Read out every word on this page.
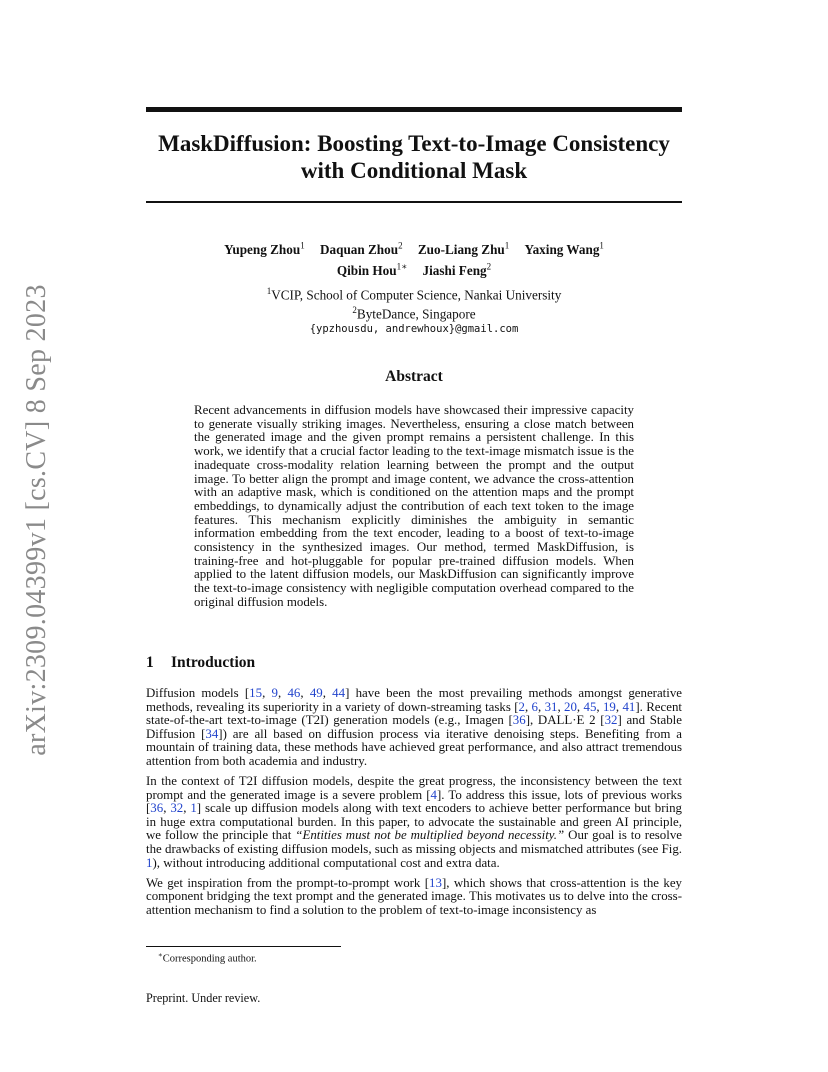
arXiv:2309.04399v1 [cs.CV] 8 Sep 2023
MaskDiffusion: Boosting Text-to-Image Consistency
with Conditional Mask
Yupeng Zhou$^1$ Daquan Zhou$^2$ Zuo-Liang Zhu$^1$ Yaxing Wang$^1$
Qibin Hou$^{1∗}$ Jiashi Feng$^2$
$^1$VCIP, School of Computer Science, Nankai University
$^2$ByteDance, Singapore
{ypzhousdu, andrewhoux}@gmail.com
Abstract

Recent advancements in diffusion models have showcased their impressive capacity to generate visually striking images. Nevertheless, ensuring a close match between the generated image and the given prompt remains a persistent challenge. In this work, we identify that a crucial factor leading to the text-image mismatch issue is the inadequate cross-modality relation learning between the prompt and the output image. To better align the prompt and image content, we advance the cross-attention with an adaptive mask, which is conditioned on the attention maps and the prompt embeddings, to dynamically adjust the contribution of each text token to the image features. This mechanism explicitly diminishes the ambiguity in semantic information embedding from the text encoder, leading to a boost of text-to-image consistency in the synthesized images. Our method, termed MaskDiffusion, is training-free and hot-pluggable for popular pre-trained diffusion models. When applied to the latent diffusion models, our MaskDiffusion can significantly improve the text-to-image consistency with negligible computation overhead compared to the original diffusion models.

1 Introduction

Diffusion models [15, 9, 46, 49, 44] have been the most prevailing methods amongst generative methods, revealing its superiority in a variety of down-streaming tasks [2, 6, 31, 20, 45, 19, 41]. Recent state-of-the-art text-to-image (T2I) generation models (e.g., Imagen [36], DALL·E 2 [32] and Stable Diffusion [34]) are all based on diffusion process via iterative denoising steps. Benefiting from a mountain of training data, these methods have achieved great performance, and also attract tremendous attention from both academia and industry.

In the context of T2I diffusion models, despite the great progress, the inconsistency between the text prompt and the generated image is a severe problem [4]. To address this issue, lots of previous works [36, 32, 1] scale up diffusion models along with text encoders to achieve better performance but bring in huge extra computational burden. In this paper, to advocate the sustainable and green AI principle, we follow the principle that “Entities must not be multiplied beyond necessity.” Our goal is to resolve the drawbacks of existing diffusion models, such as missing objects and mismatched attributes (see Fig. 1), without introducing additional computational cost and extra data.

We get inspiration from the prompt-to-prompt work [13], which shows that cross-attention is the key component bridging the text prompt and the generated image. This motivates us to delve into the cross-attention mechanism to find a solution to the problem of text-to-image inconsistency as

∗Corresponding author.
Preprint. Under review.
